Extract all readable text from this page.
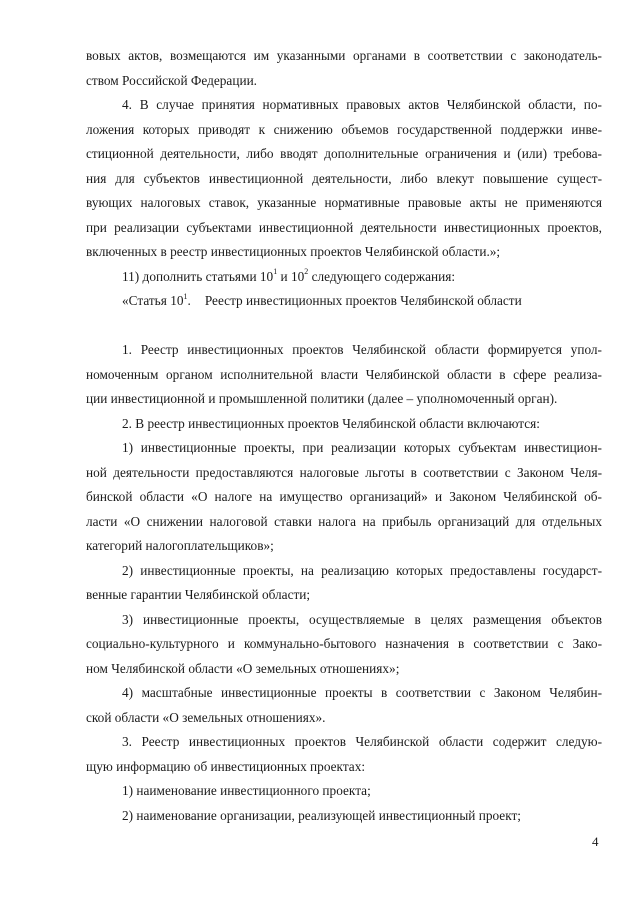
вовых актов, возмещаются им указанными органами в соответствии с законодатель-
ством Российской Федерации.
4. В случае принятия нормативных правовых актов Челябинской области, по-
ложения которых приводят к снижению объемов государственной поддержки инве-
стиционной деятельности, либо вводят дополнительные ограничения и (или) требова-
ния для субъектов инвестиционной деятельности, либо влекут повышение сущест-
вующих налоговых ставок, указанные нормативные правовые акты не применяются
при реализации субъектами инвестиционной деятельности инвестиционных проектов,
включенных в реестр инвестиционных проектов Челябинской области.»;
11) дополнить статьями $10^1$ и $10^2$ следующего содержания:
«Статья $10^1$. Реестр инвестиционных проектов Челябинской области
1. Реестр инвестиционных проектов Челябинской области формируется упол-
номоченным органом исполнительной власти Челябинской области в сфере реализа-
ции инвестиционной и промышленной политики (далее – уполномоченный орган).
2. В реестр инвестиционных проектов Челябинской области включаются:
1) инвестиционные проекты, при реализации которых субъектам инвестицион-
ной деятельности предоставляются налоговые льготы в соответствии с Законом Челя-
бинской области «О налоге на имущество организаций» и Законом Челябинской об-
ласти «О снижении налоговой ставки налога на прибыль организаций для отдельных
категорий налогоплательщиков»;
2) инвестиционные проекты, на реализацию которых предоставлены государст-
венные гарантии Челябинской области;
3) инвестиционные проекты, осуществляемые в целях размещения объектов
социально-культурного и коммунально-бытового назначения в соответствии с Зако-
ном Челябинской области «О земельных отношениях»;
4) масштабные инвестиционные проекты в соответствии с Законом Челябин-
ской области «О земельных отношениях».
3. Реестр инвестиционных проектов Челябинской области содержит следую-
щую информацию об инвестиционных проектах:
1) наименование инвестиционного проекта;
2) наименование организации, реализующей инвестиционный проект;
4
